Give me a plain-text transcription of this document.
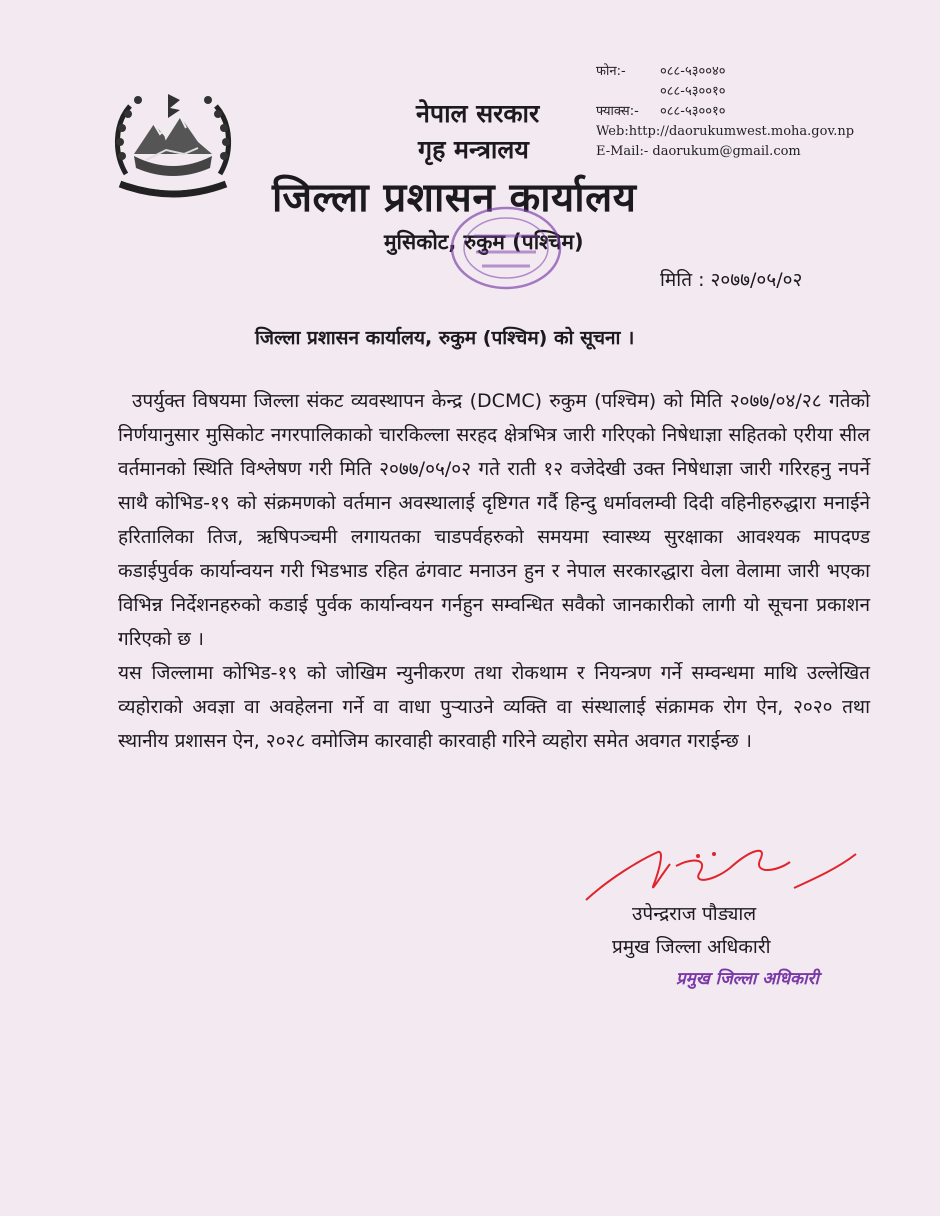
फोन:-	०८८-५३००४०
०८८-५३००१०
फ्याक्स:- ०८८-५३००१०
Web:http://daorukumwest.moha.gov.np
E-Mail:- daorukum@gmail.com
नेपाल सरकार
गृह मन्त्रालय
जिल्ला प्रशासन कार्यालय
मुसिकोट, रुकुम (पश्चिम)
मिति : २०७७/०५/०२
जिल्ला प्रशासन कार्यालय, रुकुम (पश्चिम) को सूचना ।

उपर्युक्त विषयमा जिल्ला संकट व्यवस्थापन केन्द्र (DCMC) रुकुम (पश्चिम) को मिति २०७७/०४/२८ गतेको निर्णयानुसार मुसिकोट नगरपालिकाको चारकिल्ला सरहद क्षेत्रभित्र जारी गरिएको निषेधाज्ञा सहितको एरीया सील वर्तमानको स्थिति विश्लेषण गरी मिति २०७७/०५/०२ गते राती १२ वजेदेखी उक्त निषेधाज्ञा जारी गरिरहनु नपर्ने साथै कोभिड-१९ को संक्रमणको वर्तमान अवस्थालाई दृष्टिगत गर्दै हिन्दु धर्मावलम्वी दिदी वहिनीहरुद्धारा मनाईने हरितालिका तिज, ऋषिपञ्चमी लगायतका चाडपर्वहरुको समयमा स्वास्थ्य सुरक्षाका आवश्यक मापदण्ड कडाईपुर्वक कार्यान्वयन गरी भिडभाड रहित ढंगवाट मनाउन हुन र नेपाल सरकारद्धारा वेला वेलामा जारी भएका विभिन्न निर्देशनहरुको कडाई पुर्वक कार्यान्वयन गर्नहुन सम्वन्धित सवैको जानकारीको लागी यो सूचना प्रकाशन गरिएको छ ।

यस जिल्लामा कोभिड-१९ को जोखिम न्युनीकरण तथा रोकथाम र नियन्त्रण गर्ने सम्वन्धमा माथि उल्लेखित व्यहोराको अवज्ञा वा अवहेलना गर्ने वा वाधा पुर्‍याउने व्यक्ति वा संस्थालाई संक्रामक रोग ऐन, २०२० तथा स्थानीय प्रशासन ऐन, २०२८ वमोजिम कारवाही कारवाही गरिने व्यहोरा समेत अवगत गराईन्छ ।

उपेन्द्रराज पौड्याल
प्रमुख जिल्ला अधिकारी
प्रमुख जिल्ला अधिकारी
